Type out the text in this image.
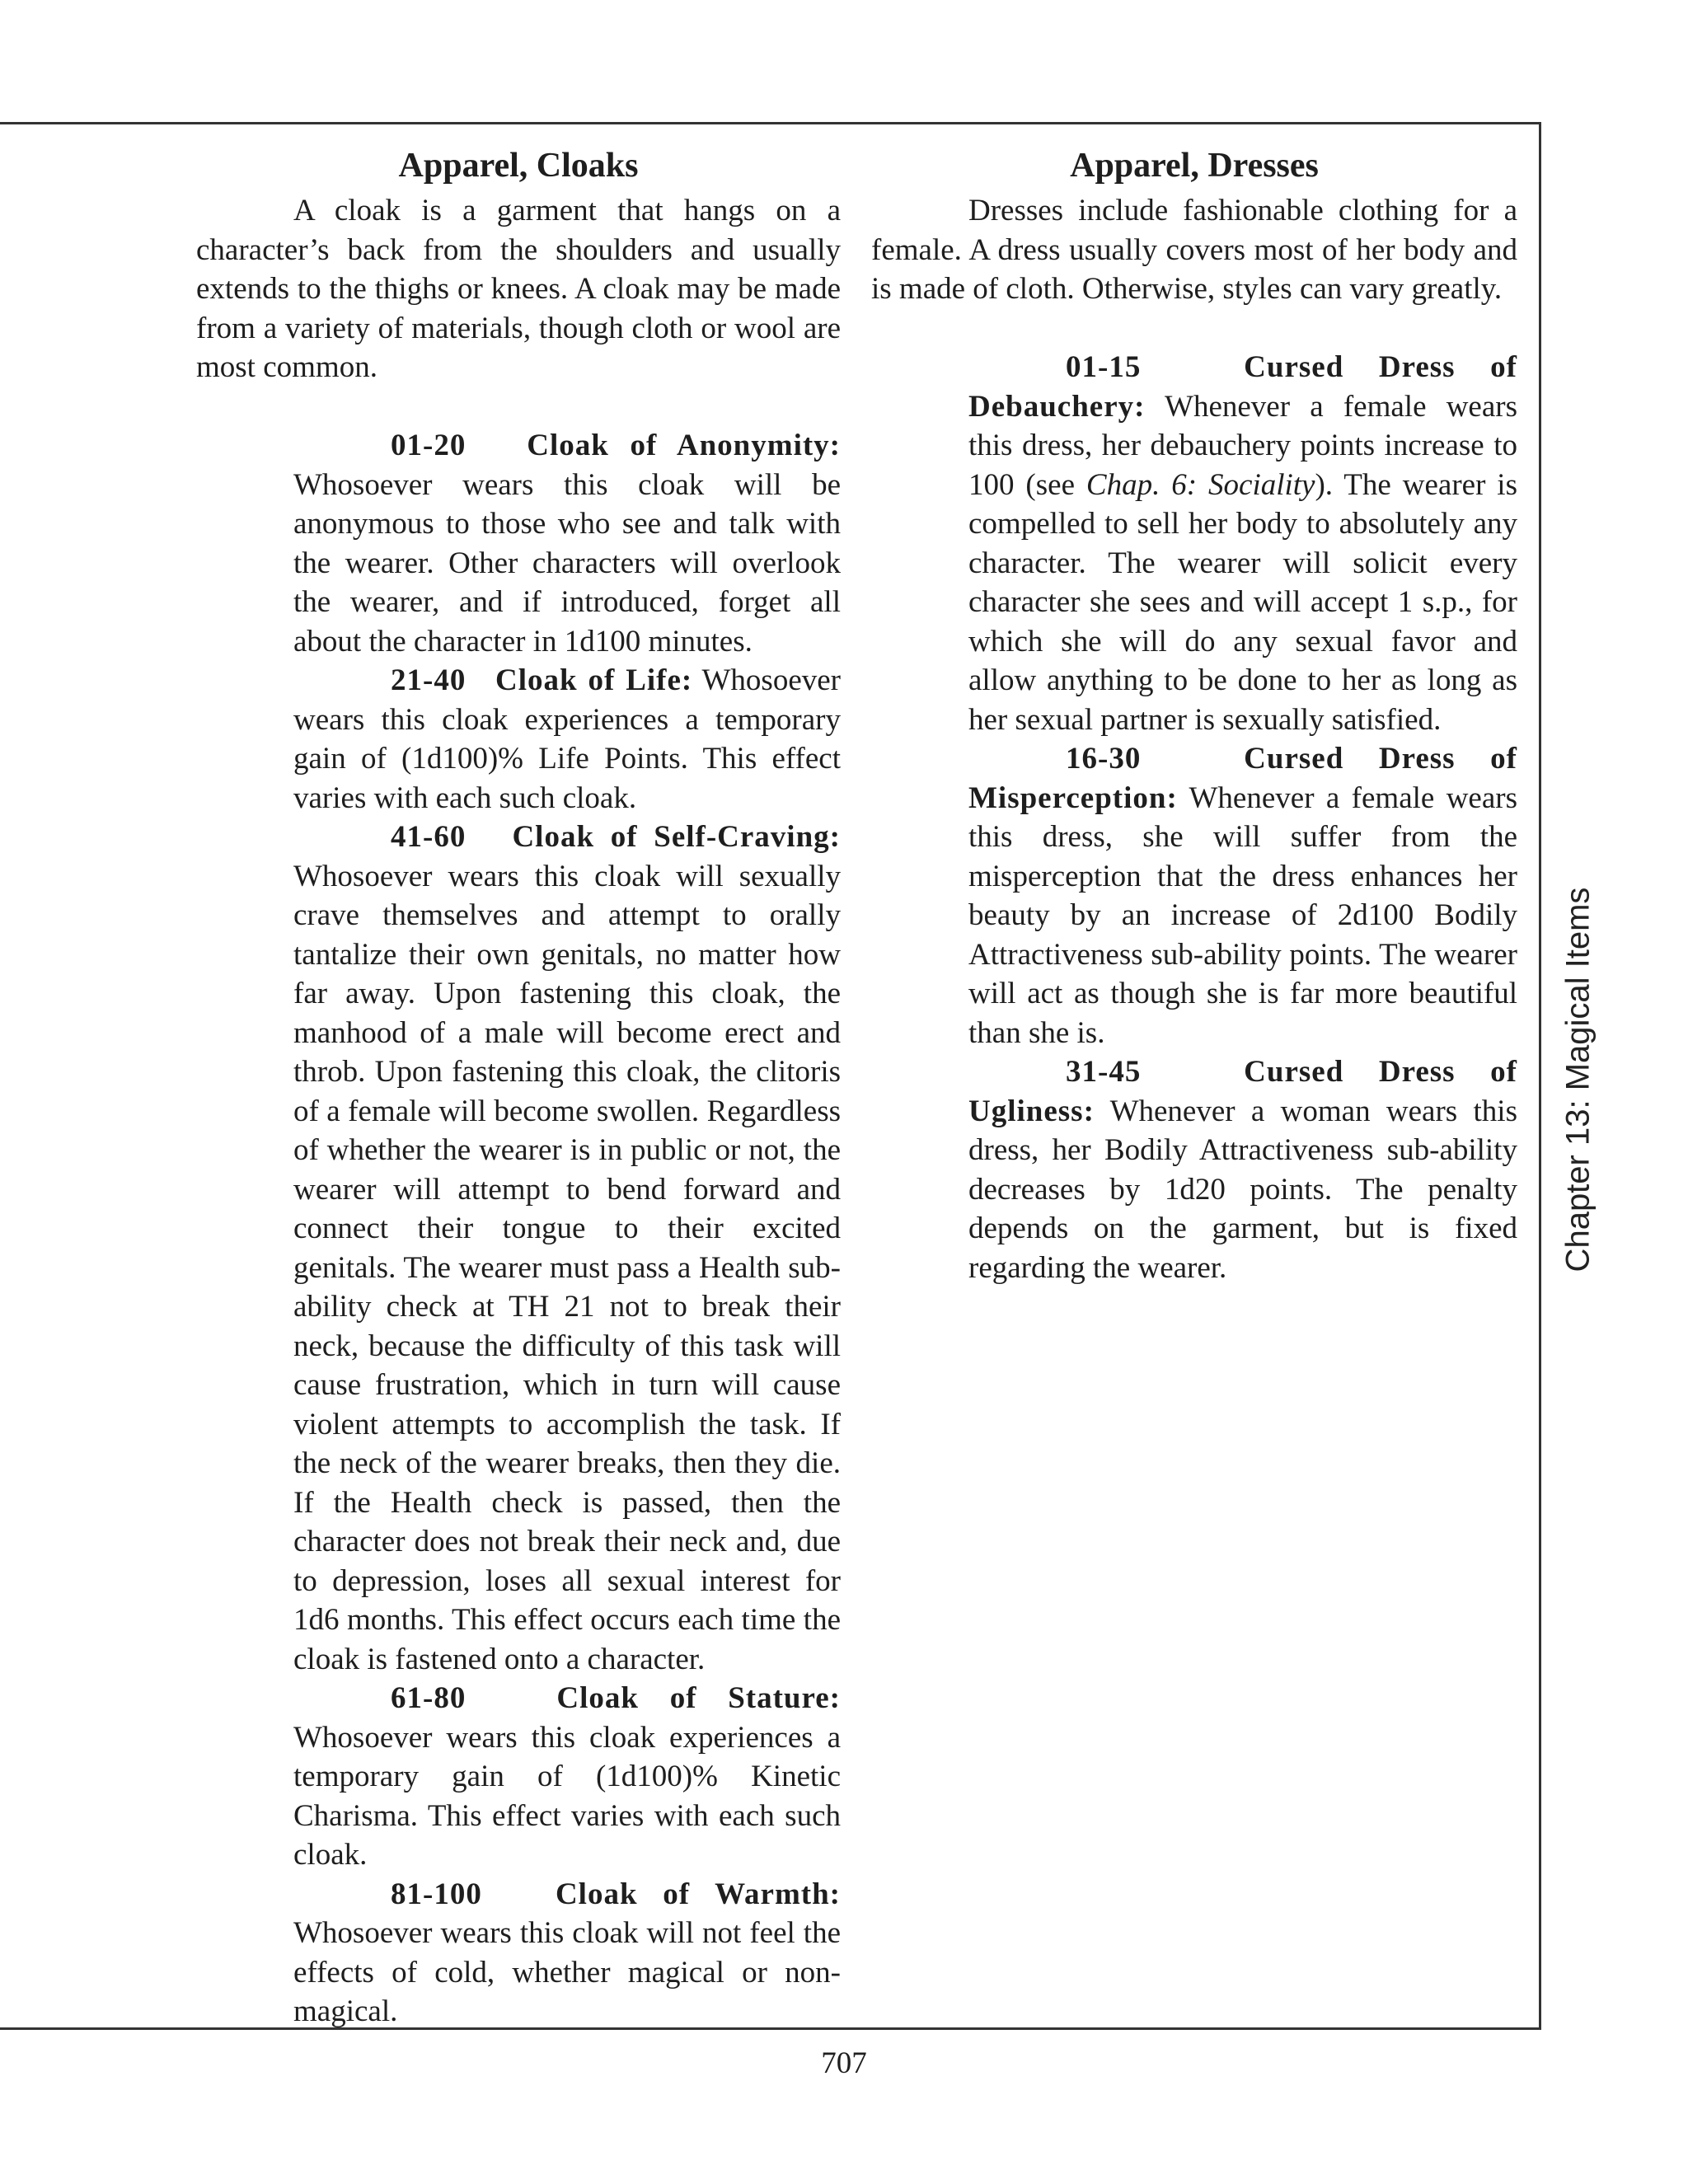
Apparel, Cloaks

A cloak is a garment that hangs on a character’s back from the shoulders and usually extends to the thighs or knees. A cloak may be made from a variety of materials, though cloth or wool are most common.

01-20 Cloak of Anonymity: Whosoever wears this cloak will be anonymous to those who see and talk with the wearer. Other characters will overlook the wearer, and if introduced, forget all about the character in 1d100 minutes.

21-40 Cloak of Life: Whosoever wears this cloak experiences a temporary gain of (1d100)% Life Points. This effect varies with each such cloak.

41-60 Cloak of Self-Craving: Whosoever wears this cloak will sexually crave themselves and attempt to orally tantalize their own genitals, no matter how far away. Upon fastening this cloak, the manhood of a male will become erect and throb. Upon fastening this cloak, the clitoris of a female will become swollen. Regardless of whether the wearer is in public or not, the wearer will attempt to bend forward and connect their tongue to their excited genitals. The wearer must pass a Health sub-ability check at TH 21 not to break their neck, because the difficulty of this task will cause frustration, which in turn will cause violent attempts to accomplish the task. If the neck of the wearer breaks, then they die. If the Health check is passed, then the character does not break their neck and, due to depression, loses all sexual interest for 1d6 months. This effect occurs each time the cloak is fastened onto a character.

61-80	Cloak of Stature: Whosoever wears this cloak experiences a temporary gain of (1d100)% Kinetic Charisma. This effect varies with each such cloak.

81-100 Cloak of Warmth: Whosoever wears this cloak will not feel the effects of cold, whether magical or non-magical.

Apparel, Dresses

Dresses include fashionable clothing for a female. A dress usually covers most of her body and is made of cloth. Otherwise, styles can vary greatly.

01-15	Cursed Dress of Debauchery: Whenever a female wears this dress, her debauchery points increase to 100 (see Chap. 6: Sociality). The wearer is compelled to sell her body to absolutely any character. The wearer will solicit every character she sees and will accept 1 s.p., for which she will do any sexual favor and allow anything to be done to her as long as her sexual partner is sexually satisfied.

16-30	Cursed Dress of Misperception: Whenever a female wears this dress, she will suffer from the misperception that the dress enhances her beauty by an increase of 2d100 Bodily Attractiveness sub-ability points. The wearer will act as though she is far more beautiful than she is.

31-45	Cursed Dress of Ugliness: Whenever a woman wears this dress, her Bodily Attractiveness sub-ability decreases by 1d20 points. The penalty depends on the garment, but is fixed regarding the wearer.	Chapter 13: Magical Items
707
